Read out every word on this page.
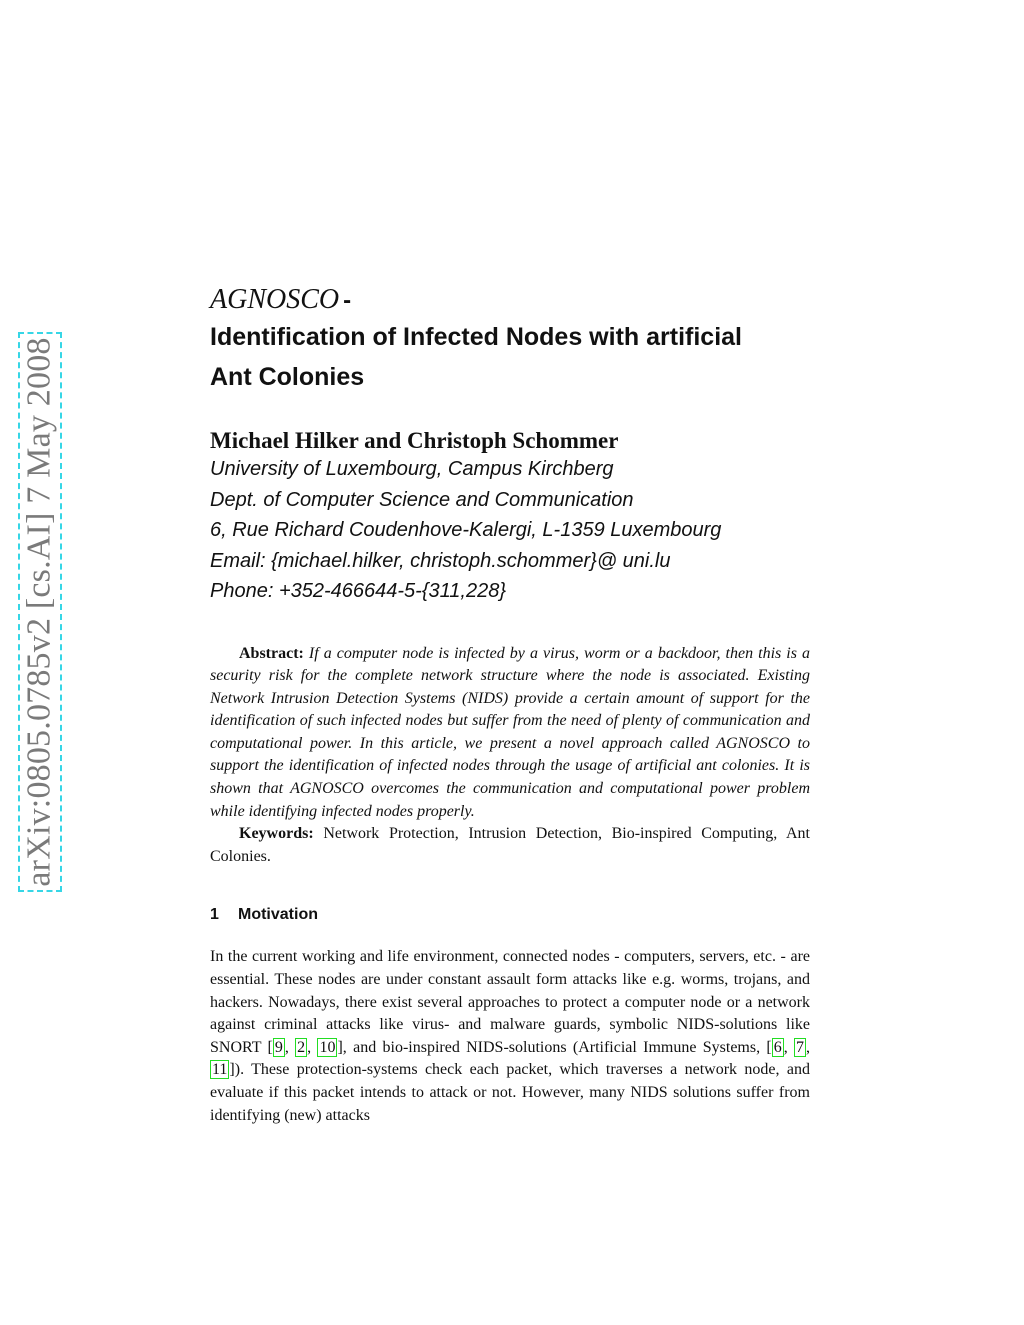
arXiv:0805.0785v2 [cs.AI] 7 May 2008
AGNOSCO -
Identification of Infected Nodes with artificial
Ant Colonies
Michael Hilker and Christoph Schommer
University of Luxembourg, Campus Kirchberg
Dept. of Computer Science and Communication
6, Rue Richard Coudenhove-Kalergi, L-1359 Luxembourg
Email: {michael.hilker, christoph.schommer}@ uni.lu
Phone: +352-466644-5-{311,228}
Abstract: If a computer node is infected by a virus, worm or a backdoor, then this is a security risk for the complete network structure where the node is associated. Existing Network Intrusion Detection Systems (NIDS) provide a certain amount of support for the identification of such infected nodes but suffer from the need of plenty of communication and computational power. In this article, we present a novel approach called AGNOSCO to support the identification of infected nodes through the usage of artificial ant colonies. It is shown that AGNOSCO overcomes the communication and computational power problem while identifying infected nodes properly.
Keywords: Network Protection, Intrusion Detection, Bio-inspired Computing, Ant Colonies.
1 Motivation
In the current working and life environment, connected nodes - computers, servers, etc. - are essential. These nodes are under constant assault form attacks like e.g. worms, trojans, and hackers. Nowadays, there exist several approaches to protect a computer node or a network against criminal attacks like virus- and malware guards, symbolic NIDS-solutions like SNORT [ 9 , 2 , 10 ], and bio-inspired NIDS-solutions (Artificial Immune Systems, [ 6 , 7 , 11 ]). These protection-systems check each packet, which traverses a network node, and evaluate if this packet intends to attack or not. However, many NIDS solutions suffer from identifying (new) attacks
